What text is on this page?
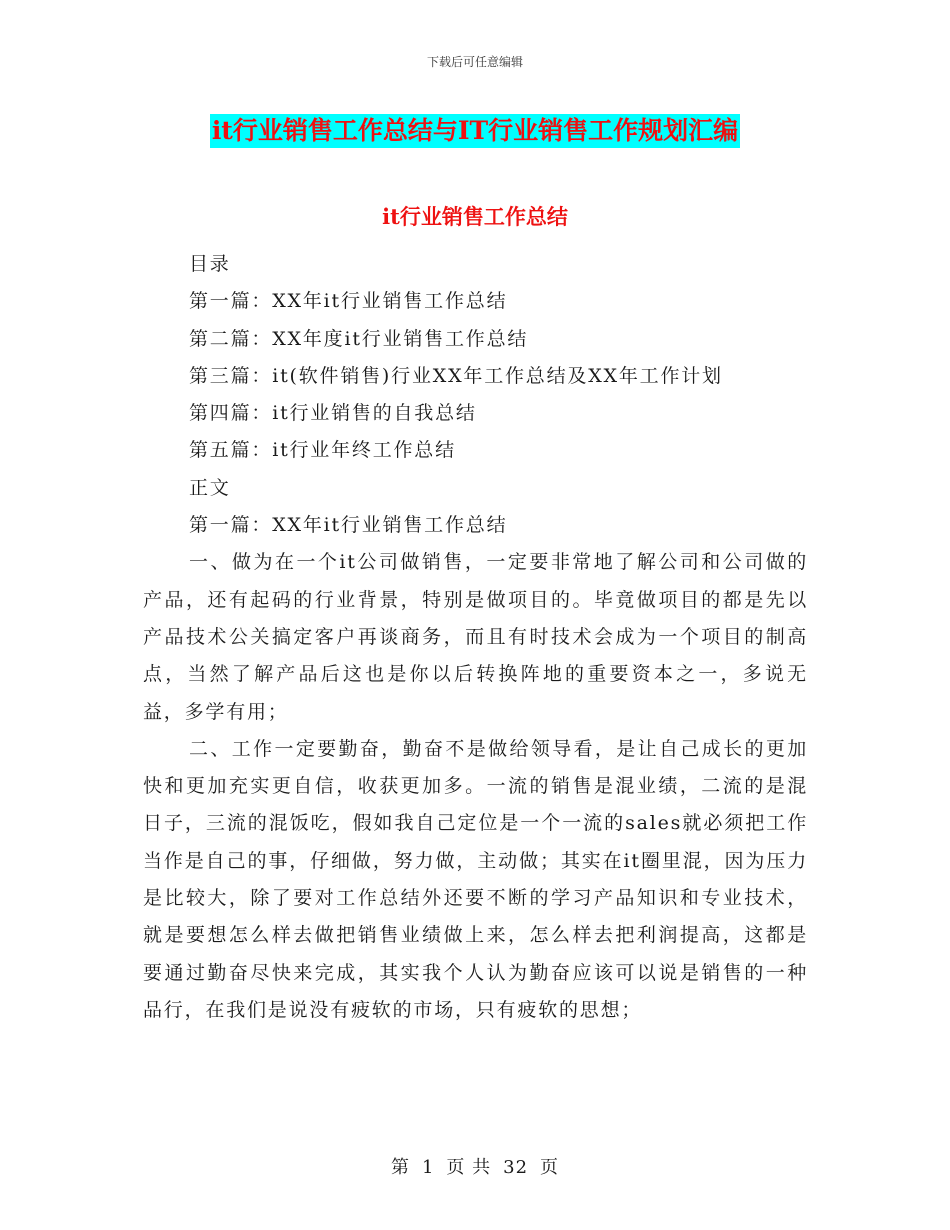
下载后可任意编辑
it行业销售工作总结与IT行业销售工作规划汇编
it行业销售工作总结

目录

第一篇：XX年it行业销售工作总结

第二篇：XX年度it行业销售工作总结

第三篇：it(软件销售)行业XX年工作总结及XX年工作计划

第四篇：it行业销售的自我总结

第五篇：it行业年终工作总结

正文

第一篇：XX年it行业销售工作总结

一、做为在一个it公司做销售，一定要非常地了解公司和公司做的产品，还有起码的行业背景，特别是做项目的。毕竟做项目的都是先以产品技术公关搞定客户再谈商务，而且有时技术会成为一个项目的制高点，当然了解产品后这也是你以后转换阵地的重要资本之一，多说无益，多学有用；

二、工作一定要勤奋，勤奋不是做给领导看，是让自己成长的更加快和更加充实更自信，收获更加多。一流的销售是混业绩，二流的是混日子，三流的混饭吃，假如我自己定位是一个一流的sales就必须把工作当作是自己的事，仔细做，努力做，主动做；其实在it圈里混，因为压力是比较大，除了要对工作总结外还要不断的学习产品知识和专业技术，就是要想怎么样去做把销售业绩做上来，怎么样去把利润提高，这都是要通过勤奋尽快来完成，其实我个人认为勤奋应该可以说是销售的一种品行，在我们是说没有疲软的市场，只有疲软的思想；

第 1 页 共 32 页
